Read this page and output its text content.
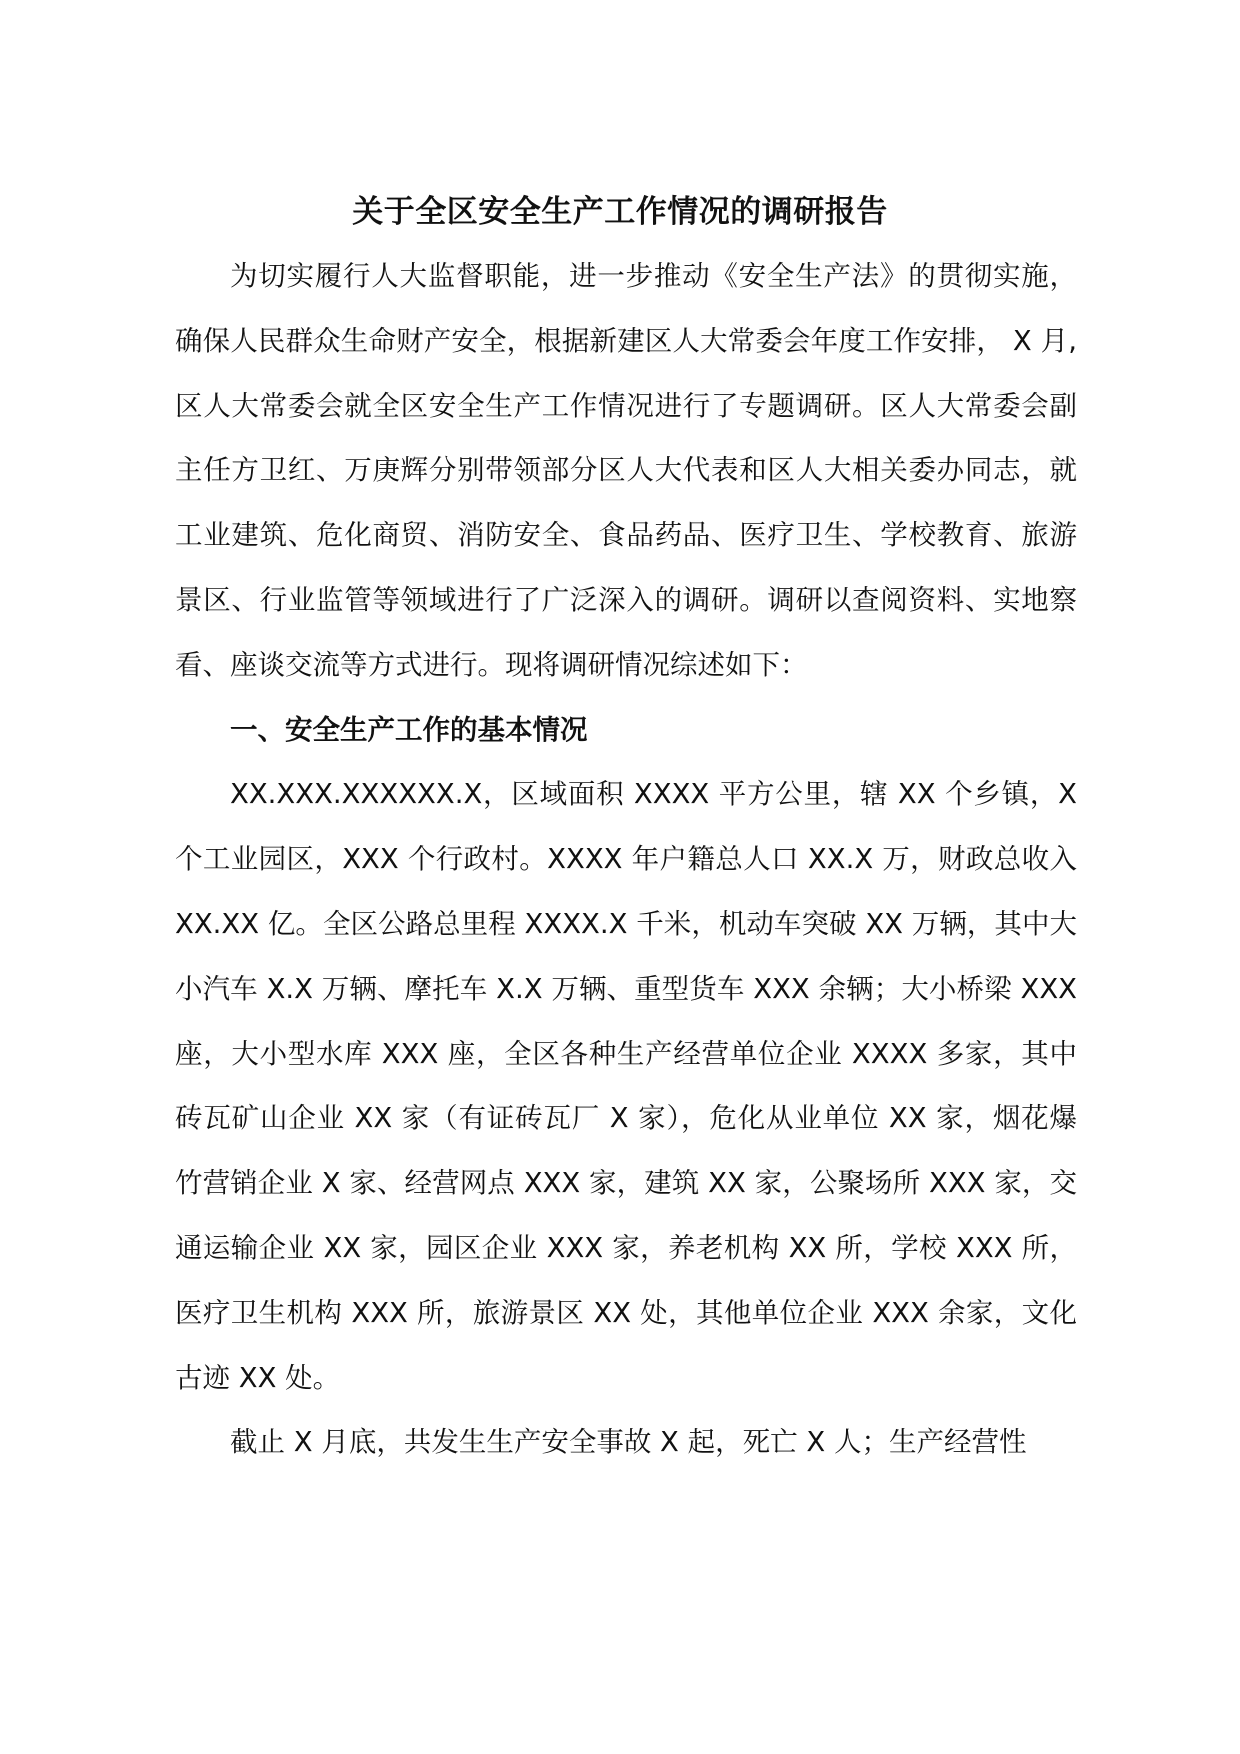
关于全区安全生产工作情况的调研报告

为切实履行人大监督职能，进一步推动《安全生产法》的贯彻实施，确保人民群众生命财产安全，根据新建区人大常委会年度工作安排， X 月, 区人大常委会就全区安全生产工作情况进行了专题调研。区人大常委会副主任方卫红、万庚辉分别带领部分区人大代表和区人大相关委办同志，就工业建筑、危化商贸、消防安全、食品药品、医疗卫生、学校教育、旅游景区、行业监管等领域进行了广泛深入的调研。调研以查阅资料、实地察看、座谈交流等方式进行。现将调研情况综述如下：

一、安全生产工作的基本情况

XX.XXX.XXXXXX.X，区域面积 XXXX 平方公里，辖 XX 个乡镇，X 个工业园区，XXX 个行政村。XXXX 年户籍总人口 XX.X 万，财政总收入 XX.XX 亿。全区公路总里程 XXXX.X 千米，机动车突破 XX 万辆，其中大小汽车 X.X 万辆、摩托车 X.X 万辆、重型货车 XXX 余辆；大小桥梁 XXX 座，大小型水库 XXX 座，全区各种生产经营单位企业 XXXX 多家，其中砖瓦矿山企业 XX 家（有证砖瓦厂 X 家），危化从业单位 XX 家，烟花爆竹营销企业 X 家、经营网点 XXX 家，建筑 XX 家，公聚场所 XXX 家，交通运输企业 XX 家，园区企业 XXX 家，养老机构 XX 所，学校 XXX 所，医疗卫生机构 XXX 所，旅游景区 XX 处，其他单位企业 XXX 余家，文化古迹 XX 处。

截止 X 月底，共发生生产安全事故 X 起，死亡 X 人；生产经营性
